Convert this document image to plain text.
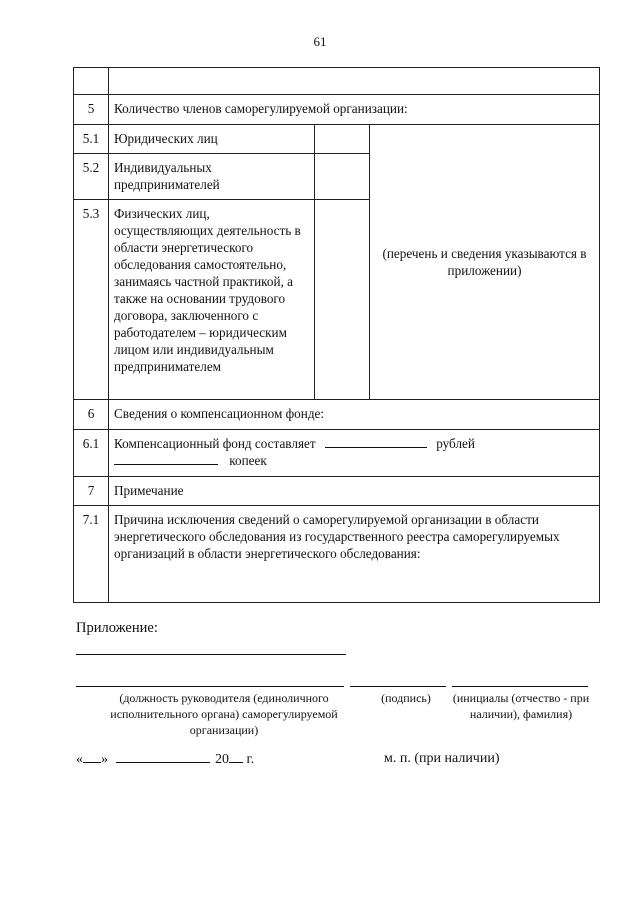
61

5	Количество членов саморегулируемой организации:		
5.1	Юридических лиц		(перечень и сведения указываются в приложении)
5.2	Индивидуальных предпринимателей		
5.3	Физических лиц, осуществляющих деятельность в области энергетического обследования самостоятельно, занимаясь частной практикой, а также на основании трудового договора, заключенного с работодателем – юридическим лицом или индивидуальным предпринимателем		
6	Сведения о компенсационном фонде:		
6.1	Компенсационный фонд составляет рублей
копеек		
7	Примечание		
7.1	Причина исключения сведений о саморегулируемой организации в области энергетического обследования из государственного реестра саморегулируемых организаций в области энергетического обследования:		
Приложение:
(должность руководителя (единоличного исполнительного органа) саморегулируемой организации)
(подпись)	(инициалы (отчество - при наличии), фамилия)
« »	20 г.	м. п. (при наличии)
